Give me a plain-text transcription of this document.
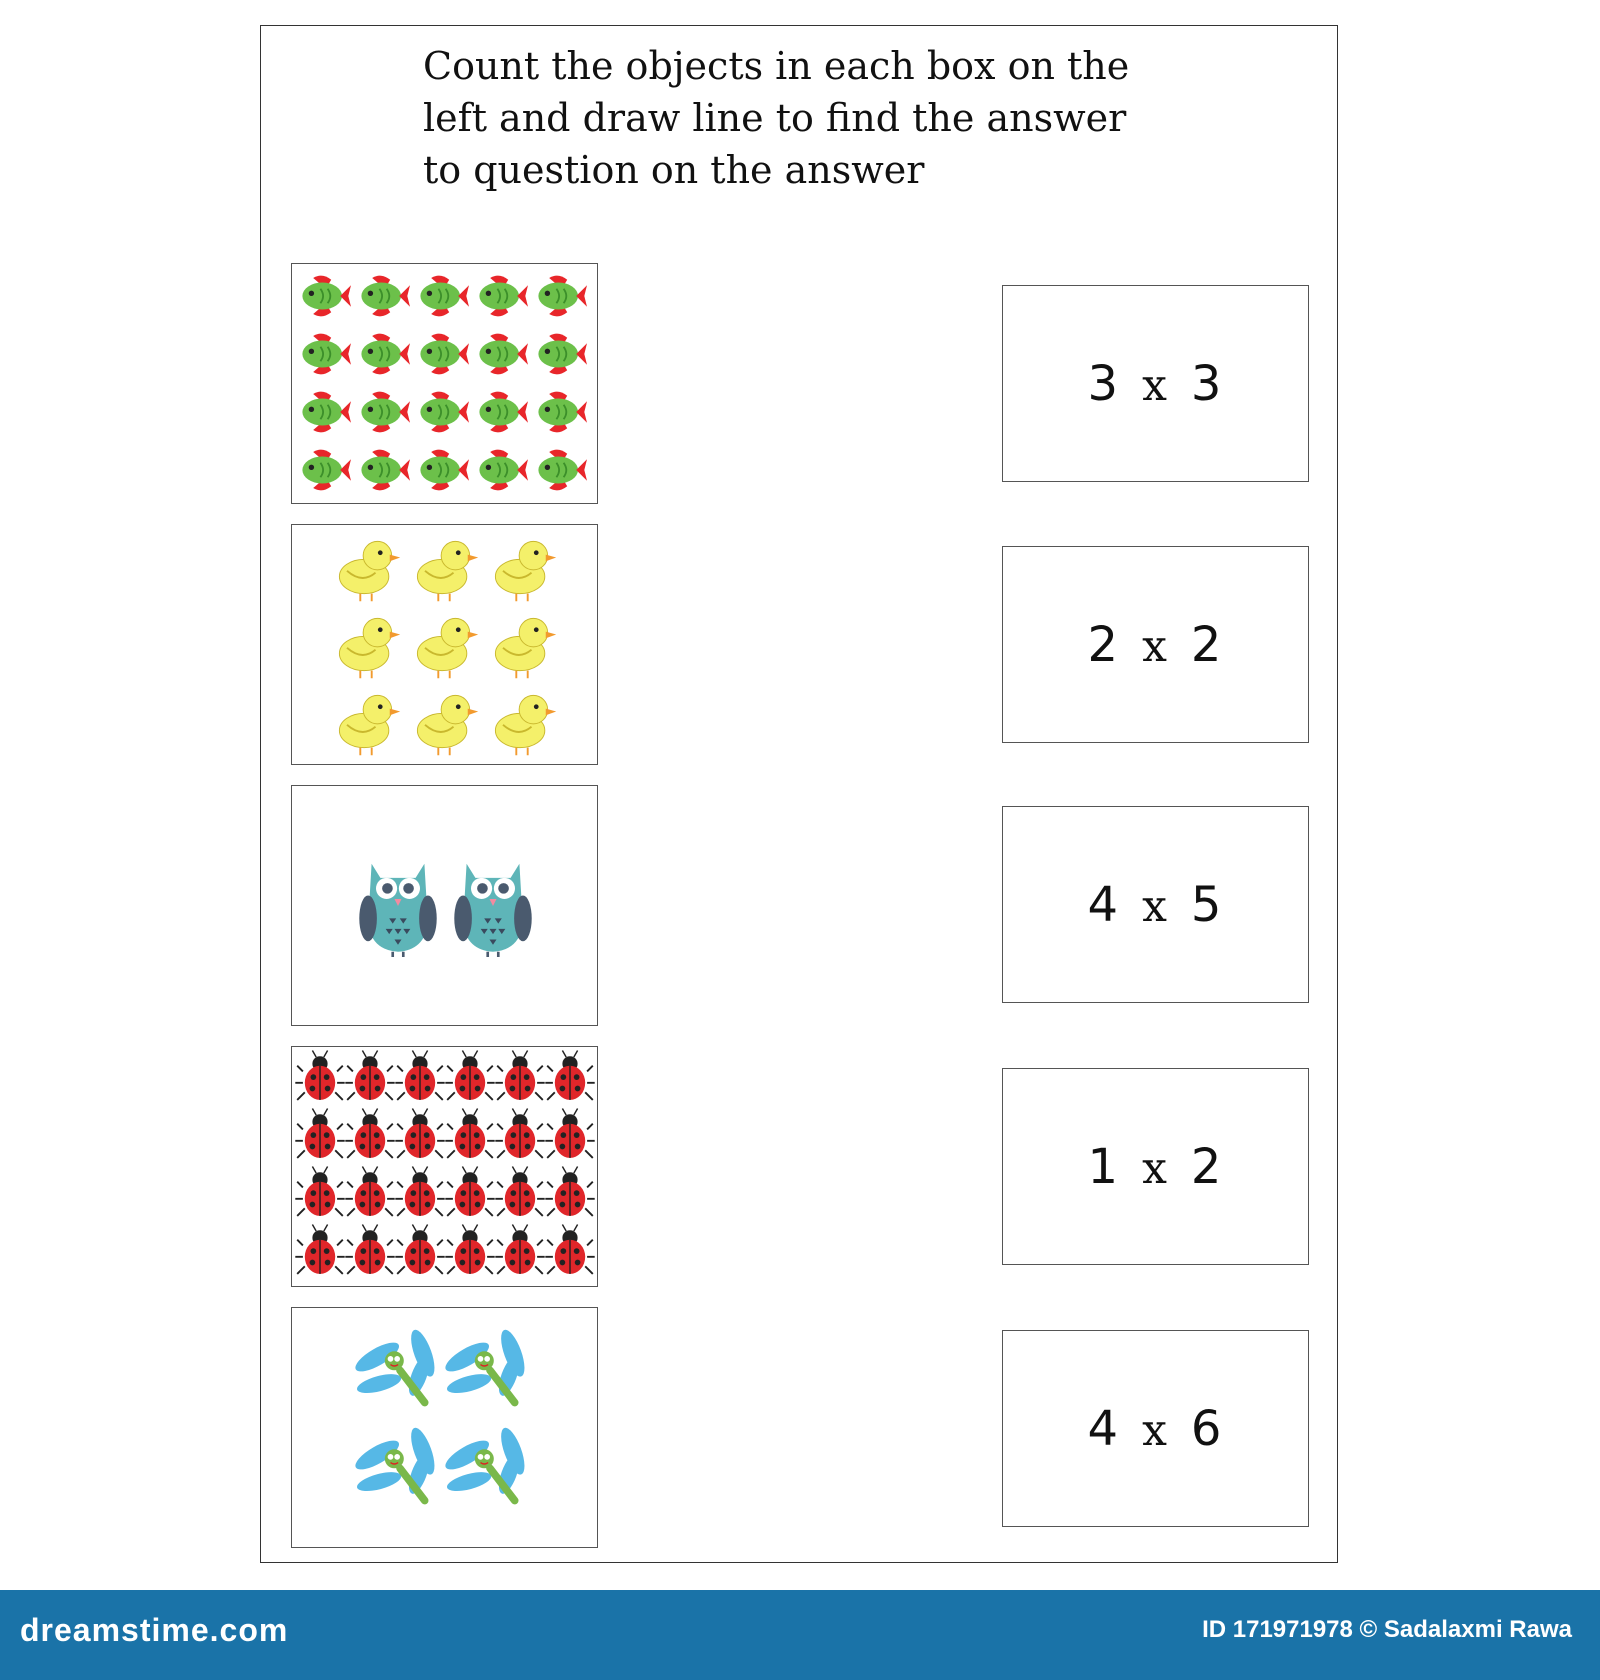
Count the objects in each box on the
left and draw line to find the answer
to question on the answer
3 x 3
2 x 2
4 x 5
1 x 2
4 x 6
dreamstime.com	ID 171971978 © Sadalaxmi Rawa
